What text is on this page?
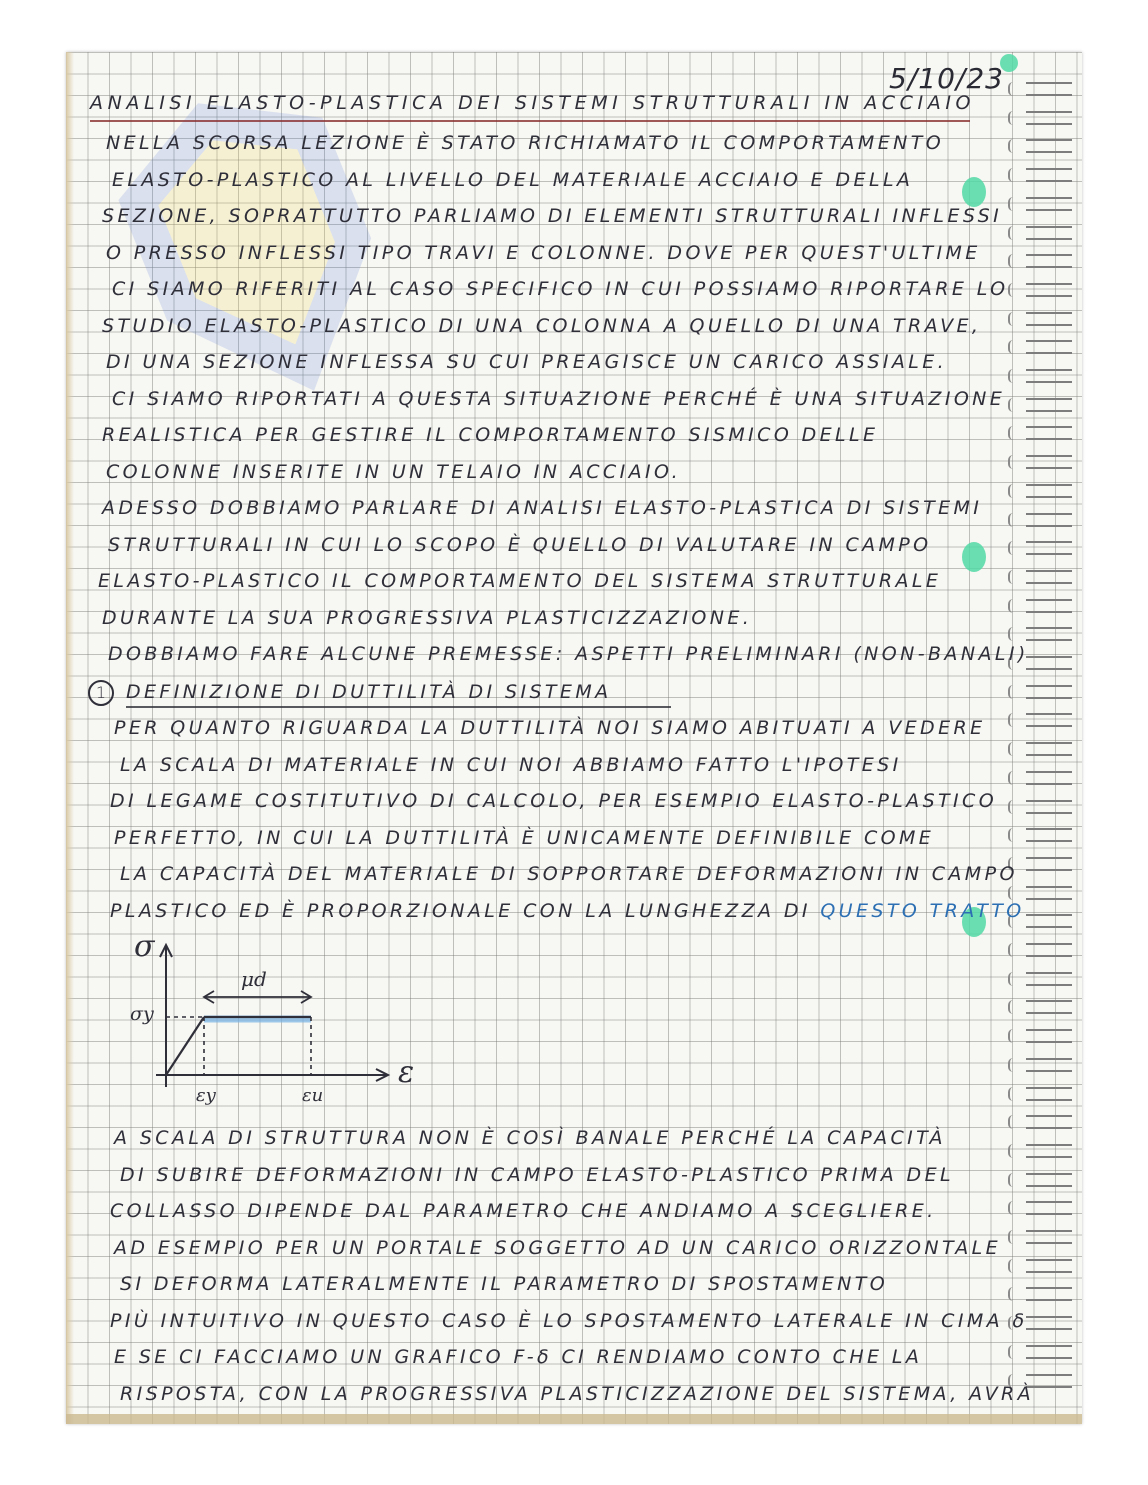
5/10/23
ANALISI ELASTO-PLASTICA DEI SISTEMI STRUTTURALI IN ACCIAIO
NELLA SCORSA LEZIONE È STATO RICHIAMATO IL COMPORTAMENTO
ELASTO-PLASTICO AL LIVELLO DEL MATERIALE ACCIAIO E DELLA
SEZIONE, SOPRATTUTTO PARLIAMO DI ELEMENTI STRUTTURALI INFLESSI
O PRESSO INFLESSI TIPO TRAVI E COLONNE. DOVE PER QUEST'ULTIME
CI SIAMO RIFERITI AL CASO SPECIFICO IN CUI POSSIAMO RIPORTARE LO
STUDIO ELASTO-PLASTICO DI UNA COLONNA A QUELLO DI UNA TRAVE,
DI UNA SEZIONE INFLESSA SU CUI PREAGISCE UN CARICO ASSIALE.
CI SIAMO RIPORTATI A QUESTA SITUAZIONE PERCHÉ È UNA SITUAZIONE
REALISTICA PER GESTIRE IL COMPORTAMENTO SISMICO DELLE
COLONNE INSERITE IN UN TELAIO IN ACCIAIO.
ADESSO DOBBIAMO PARLARE DI ANALISI ELASTO-PLASTICA DI SISTEMI
STRUTTURALI IN CUI LO SCOPO È QUELLO DI VALUTARE IN CAMPO
ELASTO-PLASTICO IL COMPORTAMENTO DEL SISTEMA STRUTTURALE
DURANTE LA SUA PROGRESSIVA PLASTICIZZAZIONE.
DOBBIAMO FARE ALCUNE PREMESSE: ASPETTI PRELIMINARI (NON-BANALI)
1 DEFINIZIONE DI DUTTILITÀ DI SISTEMA
PER QUANTO RIGUARDA LA DUTTILITÀ NOI SIAMO ABITUATI A VEDERE
LA SCALA DI MATERIALE IN CUI NOI ABBIAMO FATTO L'IPOTESI
DI LEGAME COSTITUTIVO DI CALCOLO, PER ESEMPIO ELASTO-PLASTICO
PERFETTO, IN CUI LA DUTTILITÀ È UNICAMENTE DEFINIBILE COME
LA CAPACITÀ DEL MATERIALE DI SOPPORTARE DEFORMAZIONI IN CAMPO
PLASTICO ED È PROPORZIONALE CON LA LUNGHEZZA DI QUESTO TRATTO
σ
ε
σy
εy	εu
μd
A SCALA DI STRUTTURA NON È COSÌ BANALE PERCHÉ LA CAPACITÀ
DI SUBIRE DEFORMAZIONI IN CAMPO ELASTO-PLASTICO PRIMA DEL
COLLASSO DIPENDE DAL PARAMETRO CHE ANDIAMO A SCEGLIERE.
AD ESEMPIO PER UN PORTALE SOGGETTO AD UN CARICO ORIZZONTALE
SI DEFORMA LATERALMENTE IL PARAMETRO DI SPOSTAMENTO
PIÙ INTUITIVO IN QUESTO CASO È LO SPOSTAMENTO LATERALE IN CIMA δ
E SE CI FACCIAMO UN GRAFICO F-δ CI RENDIAMO CONTO CHE LA
RISPOSTA, CON LA PROGRESSIVA PLASTICIZZAZIONE DEL SISTEMA, AVRÀ
